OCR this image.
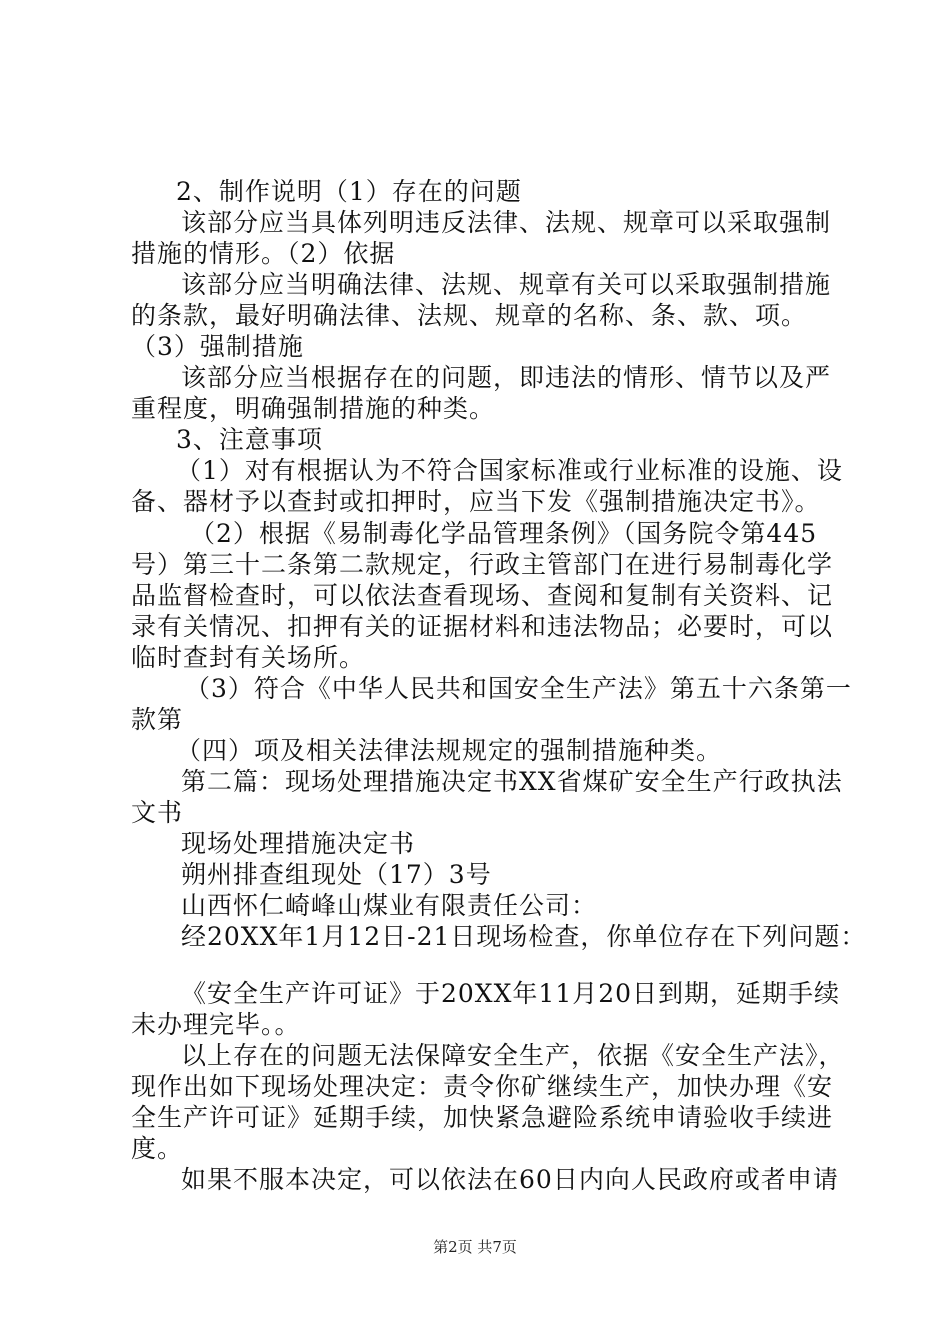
2、制作说明（1）存在的问题
该部分应当具体列明违反法律、法规、规章可以采取强制
措施的情形。（2）依据
该部分应当明确法律、法规、规章有关可以采取强制措施
的条款，最好明确法律、法规、规章的名称、条、款、项。
（3）强制措施
该部分应当根据存在的问题，即违法的情形、情节以及严
重程度，明确强制措施的种类。
3、注意事项
（1）对有根据认为不符合国家标准或行业标准的设施、设
备、器材予以查封或扣押时，应当下发《强制措施决定书》。
（2）根据《易制毒化学品管理条例》（国务院令第445
号）第三十二条第二款规定，行政主管部门在进行易制毒化学
品监督检查时，可以依法查看现场、查阅和复制有关资料、记
录有关情况、扣押有关的证据材料和违法物品；必要时，可以
临时查封有关场所。
（3）符合《中华人民共和国安全生产法》第五十六条第一
款第
（四）项及相关法律法规规定的强制措施种类。
第二篇：现场处理措施决定书XX省煤矿安全生产行政执法
文书
现场处理措施决定书
朔州排查组现处（17）3号
山西怀仁崎峰山煤业有限责任公司：
经20XX年1月12日-21日现场检查，你单位存在下列问题：
《安全生产许可证》于20XX年11月20日到期，延期手续
未办理完毕。。
以上存在的问题无法保障安全生产，依据《安全生产法》，
现作出如下现场处理决定：责令你矿继续生产，加快办理《安
全生产许可证》延期手续，加快紧急避险系统申请验收手续进
度。
如果不服本决定，可以依法在60日内向人民政府或者申请
第2页 共7页
